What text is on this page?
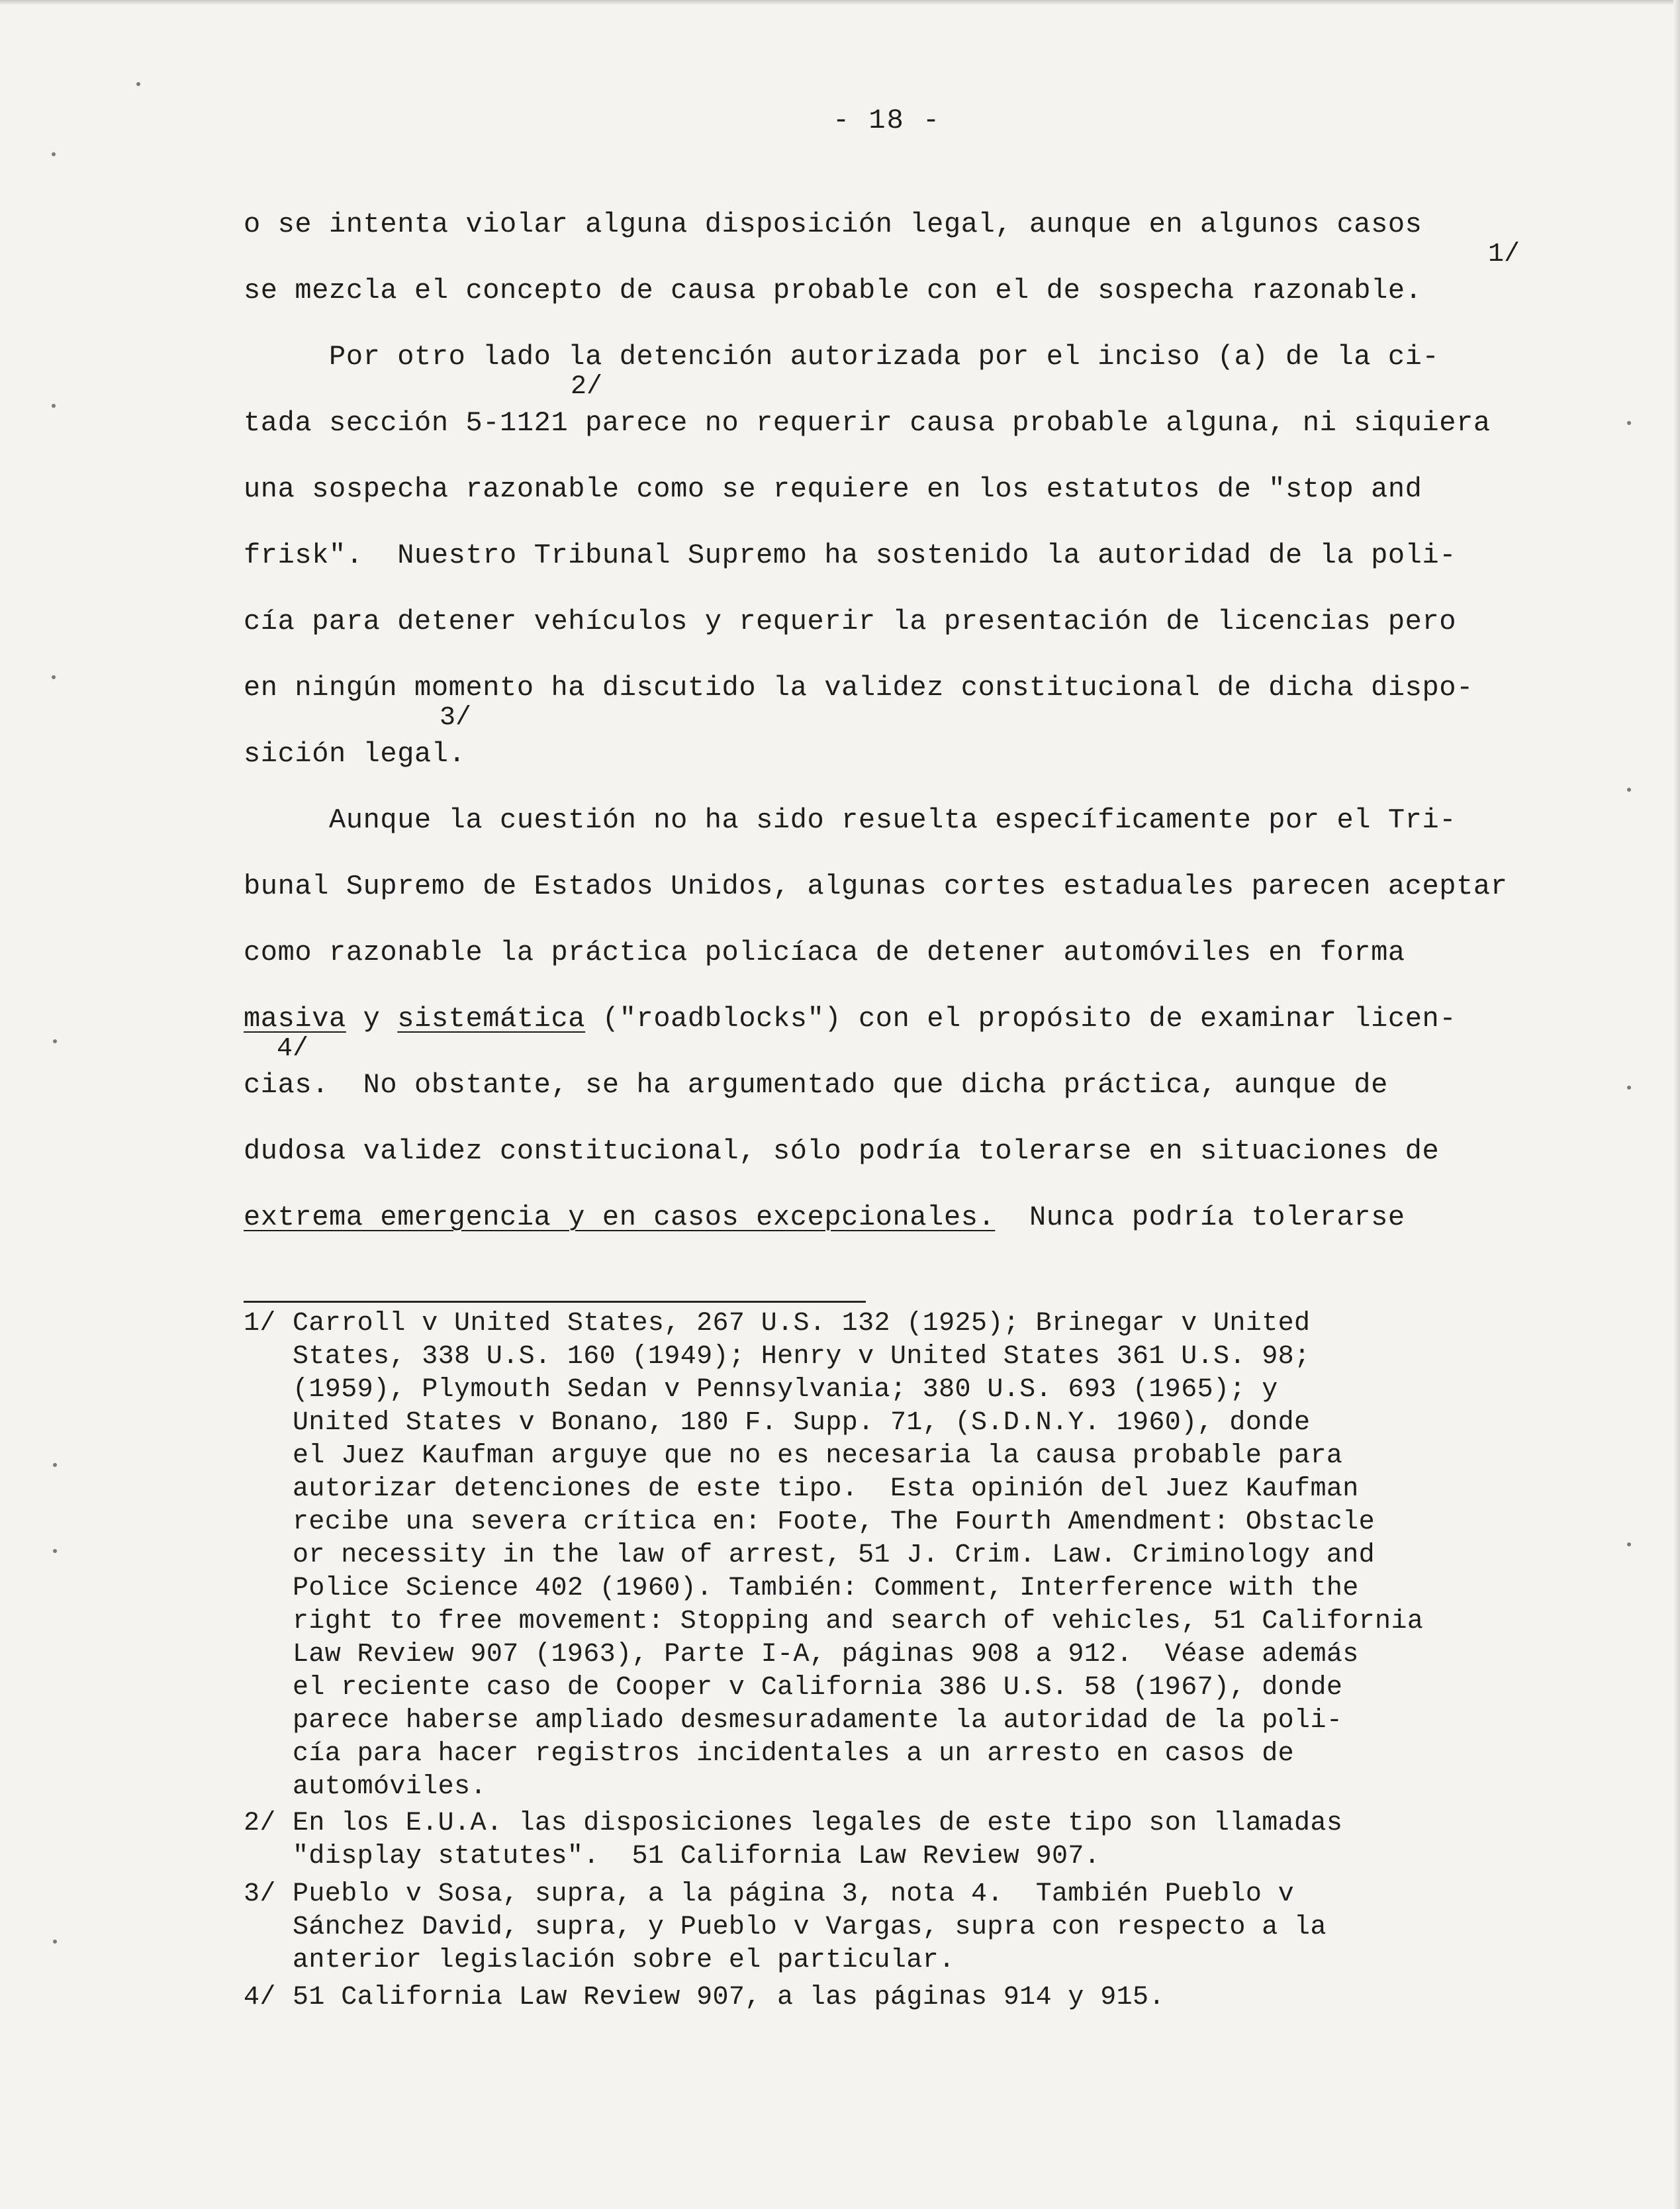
- 18 -
o se intenta violar alguna disposición legal, aunque en algunos casos
1/
se mezcla el concepto de causa probable con el de sospecha razonable.
Por otro lado la detención autorizada por el inciso (a) de la ci-
2/
tada sección 5-1121 parece no requerir causa probable alguna, ni siquiera
una sospecha razonable como se requiere en los estatutos de "stop and
frisk".  Nuestro Tribunal Supremo ha sostenido la autoridad de la poli-
cía para detener vehículos y requerir la presentación de licencias pero
en ningún momento ha discutido la validez constitucional de dicha dispo-
3/
sición legal.
Aunque la cuestión no ha sido resuelta específicamente por el Tri-
bunal Supremo de Estados Unidos, algunas cortes estaduales parecen aceptar
como razonable la práctica policíaca de detener automóviles en forma
masiva y sistemática ("roadblocks") con el propósito de examinar licen-
4/
cias.  No obstante, se ha argumentado que dicha práctica, aunque de
dudosa validez constitucional, sólo podría tolerarse en situaciones de
extrema emergencia y en casos excepcionales.  Nunca podría tolerarse
1/ Carroll v United States, 267 U.S. 132 (1925); Brinegar v United
States, 338 U.S. 160 (1949); Henry v United States 361 U.S. 98;
(1959), Plymouth Sedan v Pennsylvania; 380 U.S. 693 (1965); y
United States v Bonano, 180 F. Supp. 71, (S.D.N.Y. 1960), donde
el Juez Kaufman arguye que no es necesaria la causa probable para
autorizar detenciones de este tipo.  Esta opinión del Juez Kaufman
recibe una severa crítica en: Foote, The Fourth Amendment: Obstacle
or necessity in the law of arrest, 51 J. Crim. Law. Criminology and
Police Science 402 (1960). También: Comment, Interference with the
right to free movement: Stopping and search of vehicles, 51 California
Law Review 907 (1963), Parte I-A, páginas 908 a 912.  Véase además
el reciente caso de Cooper v California 386 U.S. 58 (1967), donde
parece haberse ampliado desmesuradamente la autoridad de la poli-
cía para hacer registros incidentales a un arresto en casos de
automóviles.
2/ En los E.U.A. las disposiciones legales de este tipo son llamadas
"display statutes".  51 California Law Review 907.
3/ Pueblo v Sosa, supra, a la página 3, nota 4.  También Pueblo v
Sánchez David, supra, y Pueblo v Vargas, supra con respecto a la
anterior legislación sobre el particular.
4/ 51 California Law Review 907, a las páginas 914 y 915.
